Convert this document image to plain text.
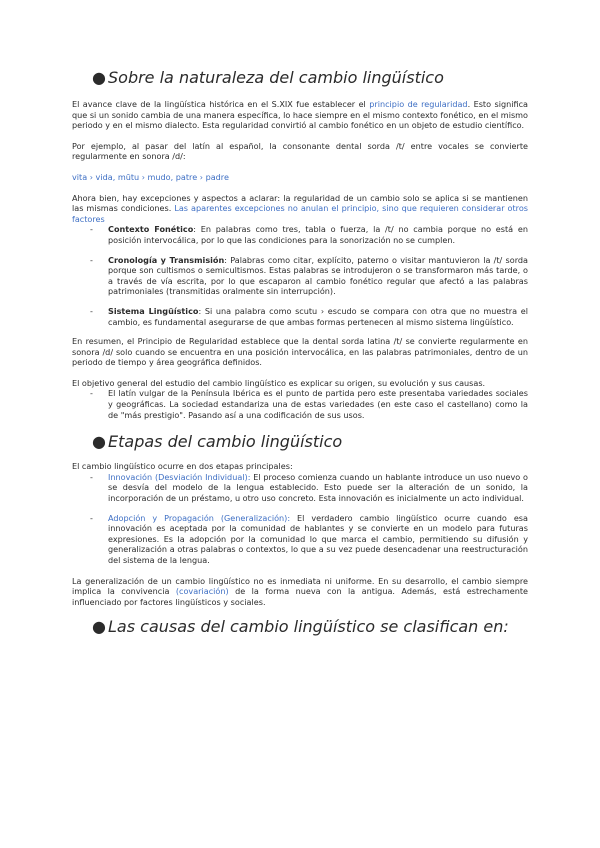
● Sobre la naturaleza del cambio lingüístico

El avance clave de la lingüística histórica en el S.XIX fue establecer el principio de regularidad. Esto significa que si un sonido cambia de una manera específica, lo hace siempre en el mismo contexto fonético, en el mismo periodo y en el mismo dialecto. Esta regularidad convirtió al cambio fonético en un objeto de estudio científico.

Por ejemplo, al pasar del latín al español, la consonante dental sorda /t/ entre vocales se convierte regularmente en sonora /d/:

vita › vida, mūtu › mudo, patre › padre

Ahora bien, hay excepciones y aspectos a aclarar: la regularidad de un cambio solo se aplica si se mantienen las mismas condiciones. Las aparentes excepciones no anulan el principio, sino que requieren considerar otros factores

- Contexto Fonético: En palabras como tres, tabla o fuerza, la /t/ no cambia porque no está en posición intervocálica, por lo que las condiciones para la sonorización no se cumplen.
- Cronología y Transmisión: Palabras como citar, explícito, paterno o visitar mantuvieron la /t/ sorda porque son cultismos o semicultismos. Estas palabras se introdujeron o se transformaron más tarde, o a través de vía escrita, por lo que escaparon al cambio fonético regular que afectó a las palabras patrimoniales (transmitidas oralmente sin interrupción).
- Sistema Lingüístico: Si una palabra como scutu › escudo se compara con otra que no muestra el cambio, es fundamental asegurarse de que ambas formas pertenecen al mismo sistema lingüístico.

En resumen, el Principio de Regularidad establece que la dental sorda latina /t/ se convierte regularmente en sonora /d/ solo cuando se encuentra en una posición intervocálica, en las palabras patrimoniales, dentro de un periodo de tiempo y área geográfica definidos.

El objetivo general del estudio del cambio lingüístico es explicar su origen, su evolución y sus causas.

- El latín vulgar de la Península Ibérica es el punto de partida pero este presentaba variedades sociales y geográficas. La sociedad estandariza una de estas variedades (en este caso el castellano) como la de "más prestigio". Pasando así a una codificación de sus usos.
● Etapas del cambio lingüístico

El cambio lingüístico ocurre en dos etapas principales:

- Innovación (Desviación Individual): El proceso comienza cuando un hablante introduce un uso nuevo o se desvía del modelo de la lengua establecido. Esto puede ser la alteración de un sonido, la incorporación de un préstamo, u otro uso concreto. Esta innovación es inicialmente un acto individual.
- Adopción y Propagación (Generalización): El verdadero cambio lingüístico ocurre cuando esa innovación es aceptada por la comunidad de hablantes y se convierte en un modelo para futuras expresiones. Es la adopción por la comunidad lo que marca el cambio, permitiendo su difusión y generalización a otras palabras o contextos, lo que a su vez puede desencadenar una reestructuración del sistema de la lengua.

La generalización de un cambio lingüístico no es inmediata ni uniforme. En su desarrollo, el cambio siempre implica la convivencia (covariación) de la forma nueva con la antigua. Además, está estrechamente influenciado por factores lingüísticos y sociales.

● Las causas del cambio lingüístico se clasifican en:
